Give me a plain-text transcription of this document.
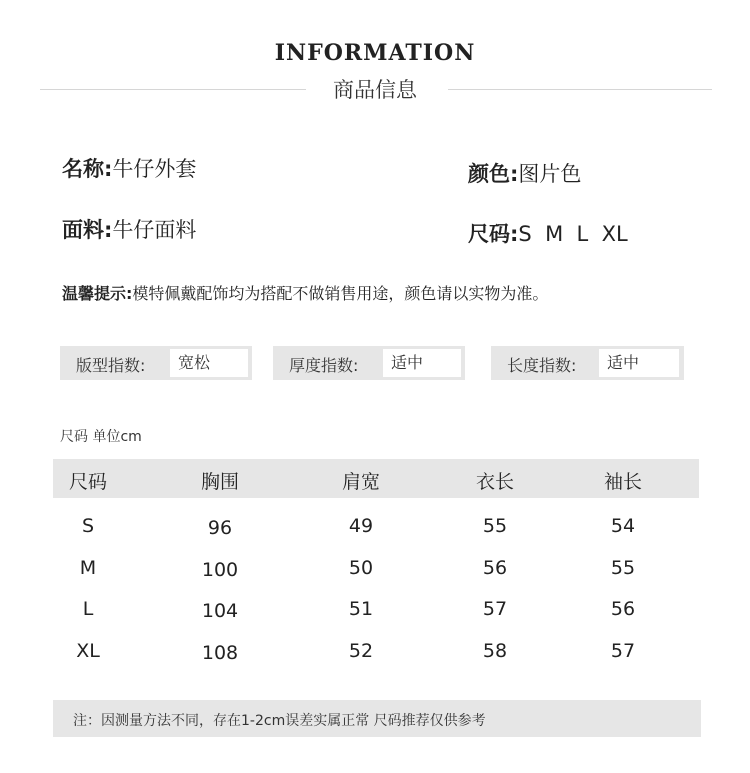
INFORMATION
商品信息
名称:牛仔外套	颜色:图片色
面料:牛仔面料	尺码:S  M  L  XL
温馨提示:模特佩戴配饰均为搭配不做销售用途，颜色请以实物为准。
版型指数:	宽松	厚度指数:	适中	长度指数:	适中
尺码 单位cm
尺码	胸围	肩宽	衣长	袖长
S	96	49	55	54
M	100	50	56	55
L	104	51	57	56
XL	108	52	58	57
注：因测量方法不同，存在1-2cm误差实属正常 尺码推荐仅供参考
